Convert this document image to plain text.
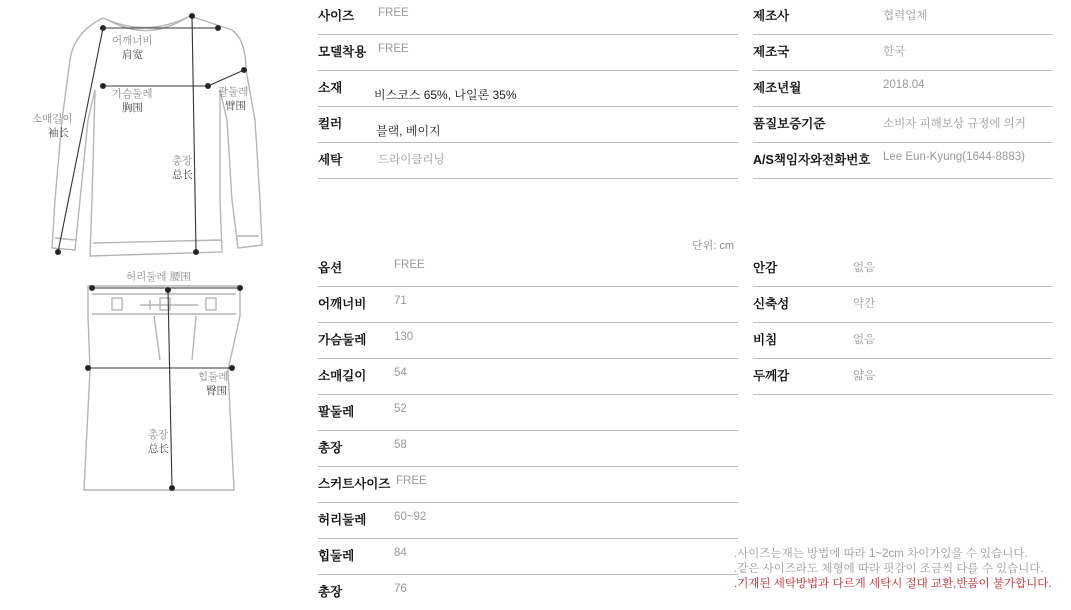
어깨너비
肩宽
가슴둘레
胸围
팔둘레
臂围
소매길이
袖长
총장
总长
허리둘레 腰围
힙둘레
臀围
총장
总长
사이즈 FREE
모델착용 FREE
소재	비스코스 65%, 나일론 35%
컬러	블랙, 베이지
세탁	드라이클리닝
제조사	협력업체
제조국	한국
제조년월	2018.04
품질보증기준	소비자 피해보상 규정에 의거
A/S책임자와전화번호 Lee Eun-Kyung(1644-8883)
단위: cm
옵션	FREE
어깨너비 71
가슴둘레 130
소매길이 54
팔둘레	52
총장	58
스커트사이즈 FREE
허리둘레 60~92
힙둘레	84
총장	76
안감	없음
신축성	약간
비침	없음
두께감	얇음
.사이즈는재는 방법에 따라 1~2cm 차이가있을 수 있습니다.
.같은 사이즈라도 체형에 따라 핏감이 조금씩 다를 수 있습니다.
.기재된 세탁방법과 다르게 세탁시 절대 교환,반품이 불가합니다.
